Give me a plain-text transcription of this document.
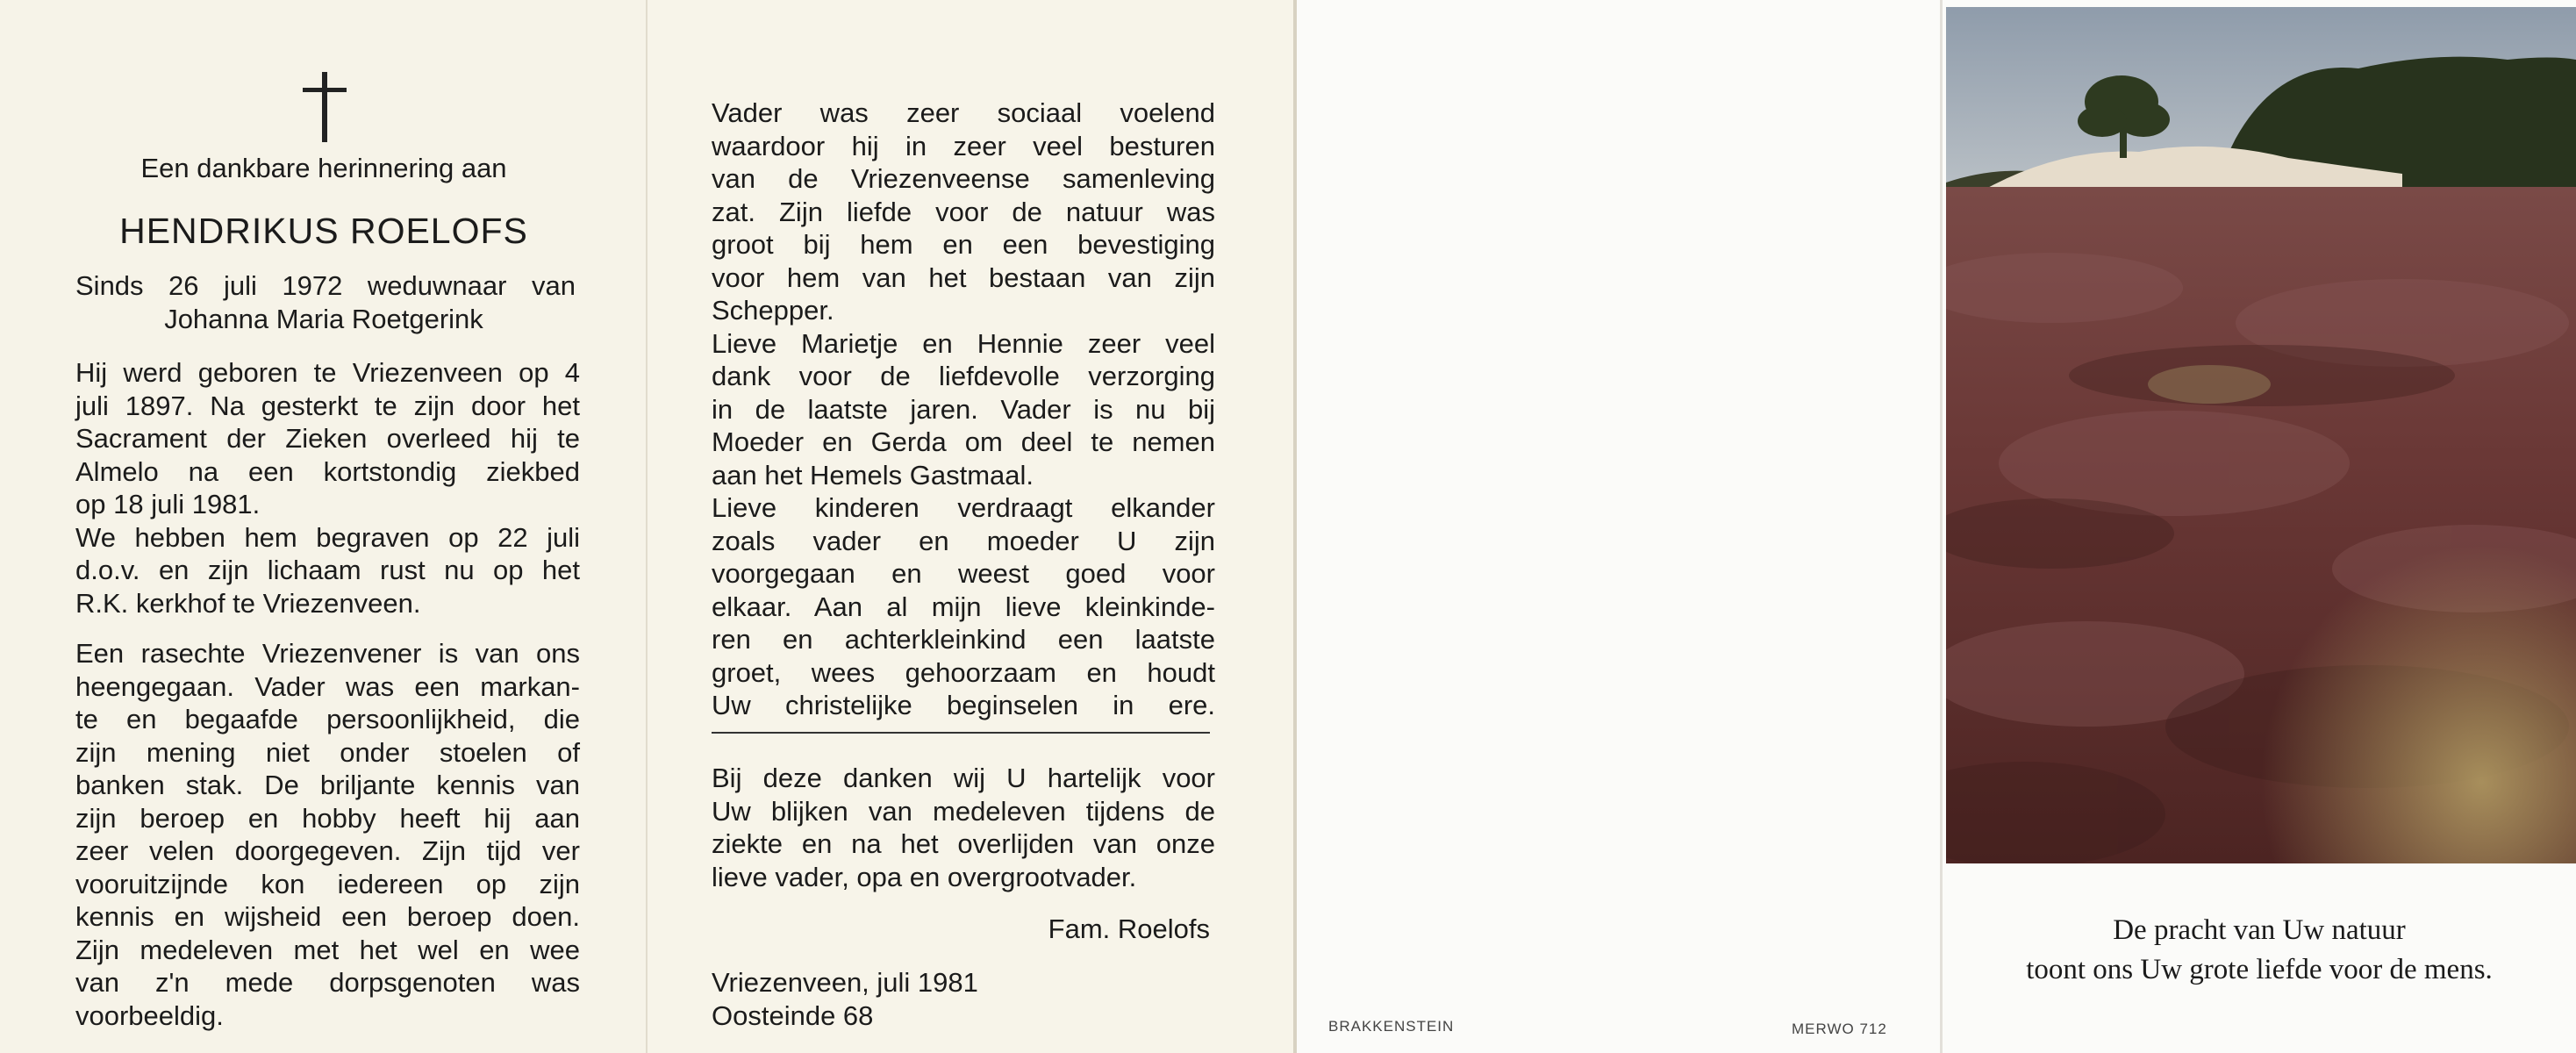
Een dankbare herinnering aan
HENDRIKUS ROELOFS
Sinds 26 juli 1972 weduwnaar van
Johanna Maria Roetgerink
Hij werd geboren te Vriezenveen op 4
juli 1897. Na gesterkt te zijn door het
Sacrament der Zieken overleed hij te
Almelo na een kortstondig ziekbed
op 18 juli 1981.
We hebben hem begraven op 22 juli
d.o.v. en zijn lichaam rust nu op het
R.K. kerkhof te Vriezenveen.
Een rasechte Vriezenvener is van ons
heengegaan. Vader was een markan-
te en begaafde persoonlijkheid, die
zijn mening niet onder stoelen of
banken stak. De briljante kennis van
zijn beroep en hobby heeft hij aan
zeer velen doorgegeven. Zijn tijd ver
vooruitzijnde kon iedereen op zijn
kennis en wijsheid een beroep doen.
Zijn medeleven met het wel en wee
van z'n mede dorpsgenoten was
voorbeeldig.
Vader was zeer sociaal voelend
waardoor hij in zeer veel besturen
van de Vriezenveense samenleving
zat. Zijn liefde voor de natuur was
groot bij hem en een bevestiging
voor hem van het bestaan van zijn
Schepper.
Lieve Marietje en Hennie zeer veel
dank voor de liefdevolle verzorging
in de laatste jaren. Vader is nu bij
Moeder en Gerda om deel te nemen
aan het Hemels Gastmaal.
Lieve kinderen verdraagt elkander
zoals vader en moeder U zijn
voorgegaan en weest goed voor
elkaar. Aan al mijn lieve kleinkinde-
ren en achterkleinkind een laatste
groet, wees gehoorzaam en houdt
Uw christelijke beginselen in ere.
Bij deze danken wij U hartelijk voor
Uw blijken van medeleven tijdens de
ziekte en na het overlijden van onze
lieve vader, opa en overgrootvader.
Fam. Roelofs
Vriezenveen, juli 1981
Oosteinde 68	BRAKKENSTEIN	MERWO 712
De pracht van Uw natuur
toont ons Uw grote liefde voor de mens.
